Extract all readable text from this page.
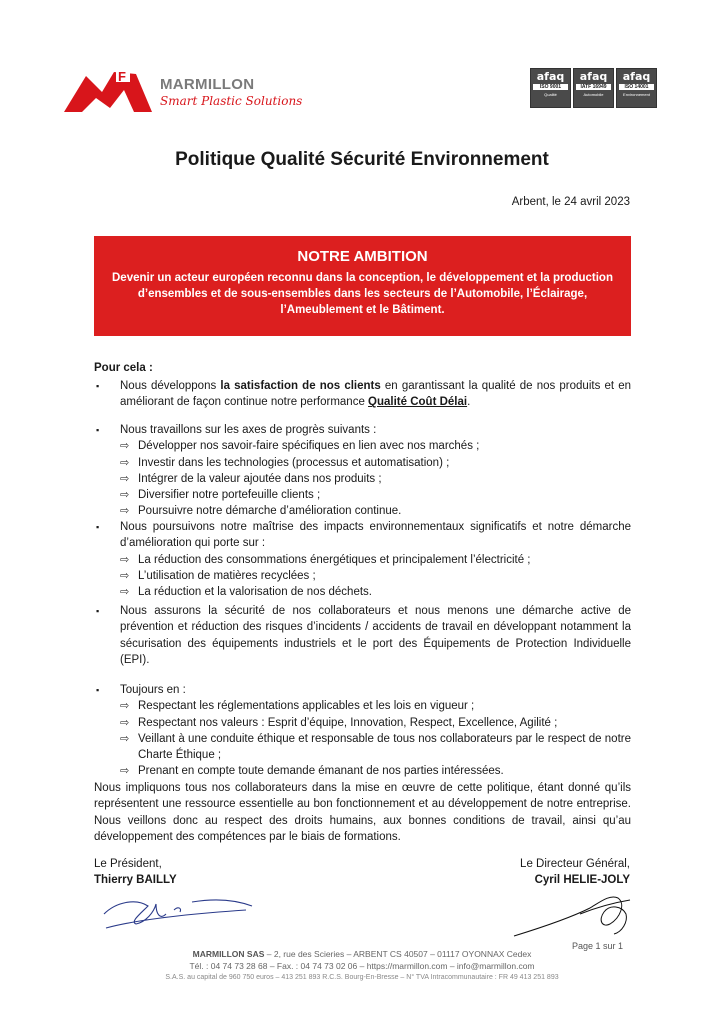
F MARMILLON
Smart Plastic Solutions
afaq
ISO 9001
Qualité
afaq
IATF 16949
Automobile
afaq
ISO 14001
Environnement
Politique Qualité Sécurité Environnement
Arbent, le 24 avril 2023
NOTRE AMBITION

Devenir un acteur européen reconnu dans la conception, le développement et la production d’ensembles et de sous-ensembles dans les secteurs de l’Automobile, l’Éclairage, l’Ameublement et le Bâtiment.

Pour cela :
▪ Nous développons la satisfaction de nos clients en garantissant la qualité de nos produits et en améliorant de façon continue notre performance Qualité Coût Délai.
▪ Nous travaillons sur les axes de progrès suivants :
⇨ Développer nos savoir-faire spécifiques en lien avec nos marchés ;
⇨ Investir dans les technologies (processus et automatisation) ;
⇨ Intégrer de la valeur ajoutée dans nos produits ;
⇨ Diversifier notre portefeuille clients ;
⇨ Poursuivre notre démarche d’amélioration continue.
▪ Nous poursuivons notre maîtrise des impacts environnementaux significatifs et notre démarche d’amélioration qui porte sur :
⇨ La réduction des consommations énergétiques et principalement l’électricité ;
⇨ L’utilisation de matières recyclées ;
⇨ La réduction et la valorisation de nos déchets.
▪ Nous assurons la sécurité de nos collaborateurs et nous menons une démarche active de prévention et réduction des risques d’incidents / accidents de travail en développant notamment la sécurisation des équipements industriels et le port des Équipements de Protection Individuelle (EPI).
▪ Toujours en :
⇨ Respectant les réglementations applicables et les lois en vigueur ;
⇨ Respectant nos valeurs : Esprit d’équipe, Innovation, Respect, Excellence, Agilité ;
⇨ Veillant à une conduite éthique et responsable de tous nos collaborateurs par le respect de notre Charte Éthique ;
⇨ Prenant en compte toute demande émanant de nos parties intéressées.
Nous impliquons tous nos collaborateurs dans la mise en œuvre de cette politique, étant donné qu’ils représentent une ressource essentielle au bon fonctionnement et au développement de notre entreprise. Nous veillons donc au respect des droits humains, aux bonnes conditions de travail, ainsi qu’au développement des compétences par le biais de formations.
Le Président,
Thierry BAILLY
Le Directeur Général,
Cyril HELIE-JOLY
Page 1 sur 1
MARMILLON SAS – 2, rue des Scieries – ARBENT CS 40507 – 01117 OYONNAX Cedex
Tél. : 04 74 73 28 68 – Fax. : 04 74 73 02 06 – https://marmillon.com – info@marmillon.com
S.A.S. au capital de 960 750 euros – 413 251 893 R.C.S. Bourg-En-Bresse – N° TVA Intracommunautaire : FR 49 413 251 893
